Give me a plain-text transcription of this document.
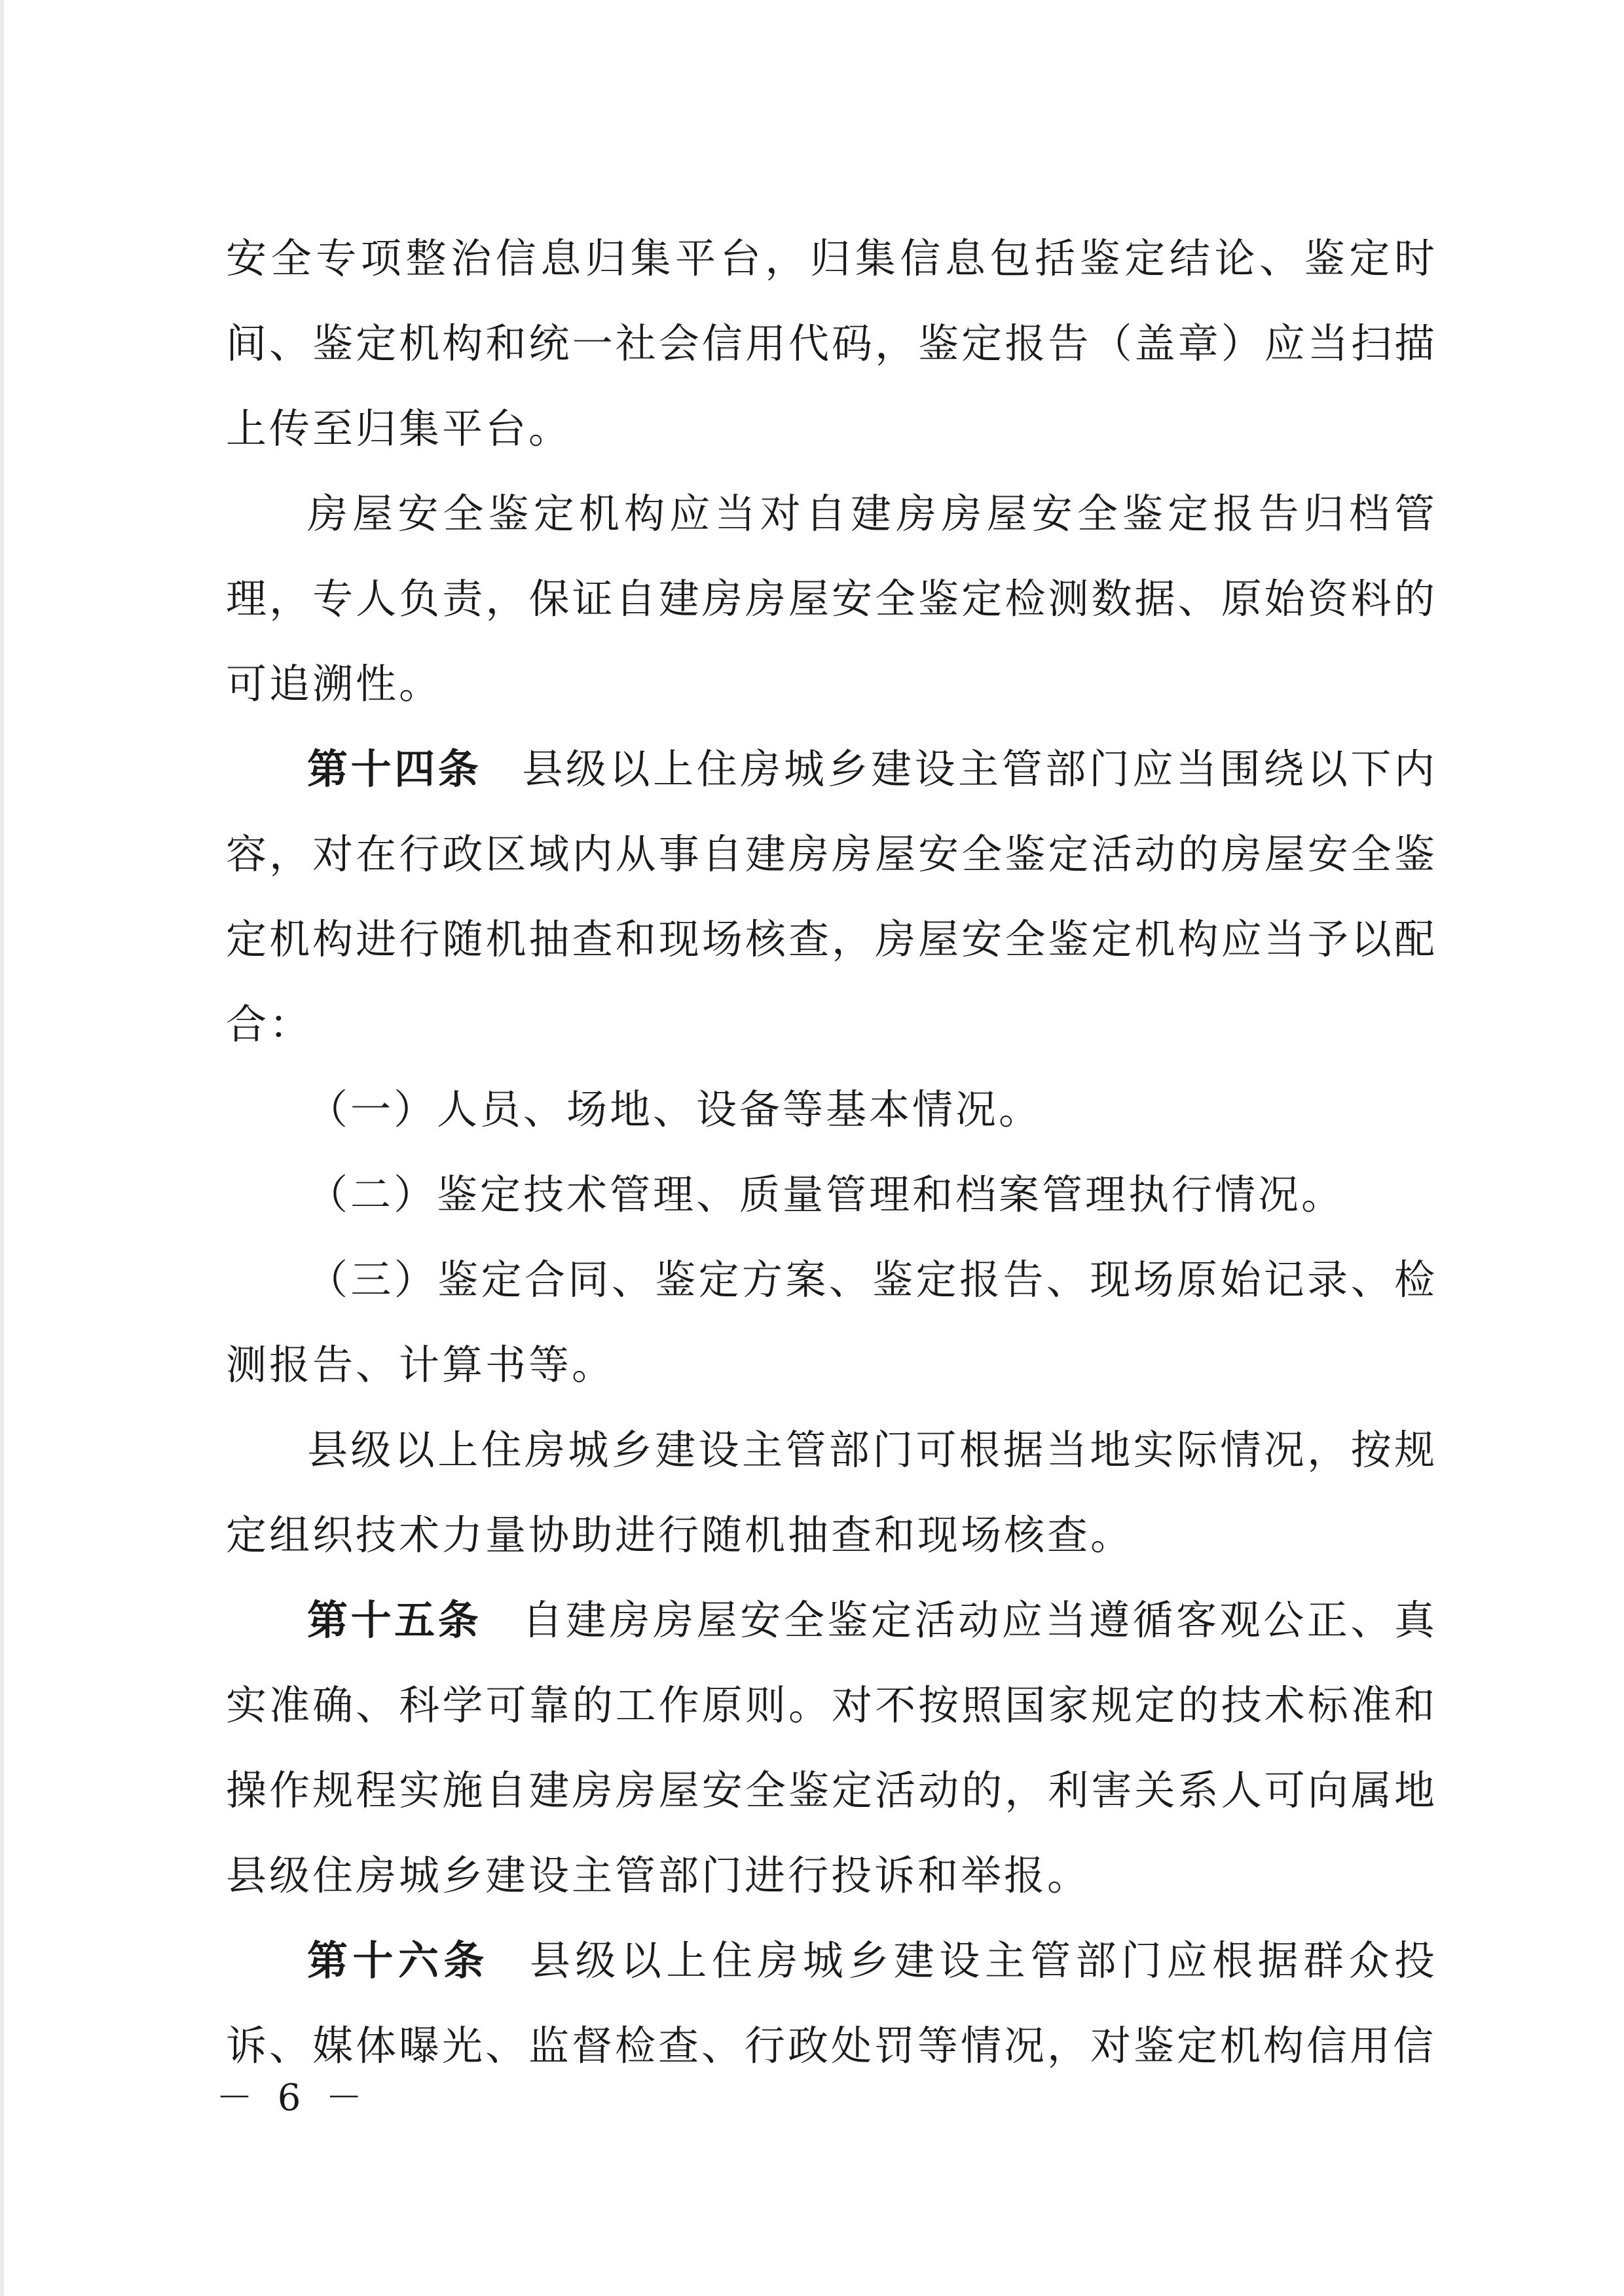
安全专项整治信息归集平台，归集信息包括鉴定结论、鉴定时间、鉴定机构和统一社会信用代码，鉴定报告（盖章）应当扫描上传至归集平台。

房屋安全鉴定机构应当对自建房房屋安全鉴定报告归档管理，专人负责，保证自建房房屋安全鉴定检测数据、原始资料的可追溯性。

第十四条 县级以上住房城乡建设主管部门应当围绕以下内容，对在行政区域内从事自建房房屋安全鉴定活动的房屋安全鉴定机构进行随机抽查和现场核查，房屋安全鉴定机构应当予以配合：

（一）人员、场地、设备等基本情况。

（二）鉴定技术管理、质量管理和档案管理执行情况。

（三）鉴定合同、鉴定方案、鉴定报告、现场原始记录、检测报告、计算书等。

县级以上住房城乡建设主管部门可根据当地实际情况，按规定组织技术力量协助进行随机抽查和现场核查。

第十五条 自建房房屋安全鉴定活动应当遵循客观公正、真实准确、科学可靠的工作原则。对不按照国家规定的技术标准和操作规程实施自建房房屋安全鉴定活动的，利害关系人可向属地县级住房城乡建设主管部门进行投诉和举报。

第十六条 县级以上住房城乡建设主管部门应根据群众投诉、媒体曝光、监督检查、行政处罚等情况，对鉴定机构信用信

－ 6 －
